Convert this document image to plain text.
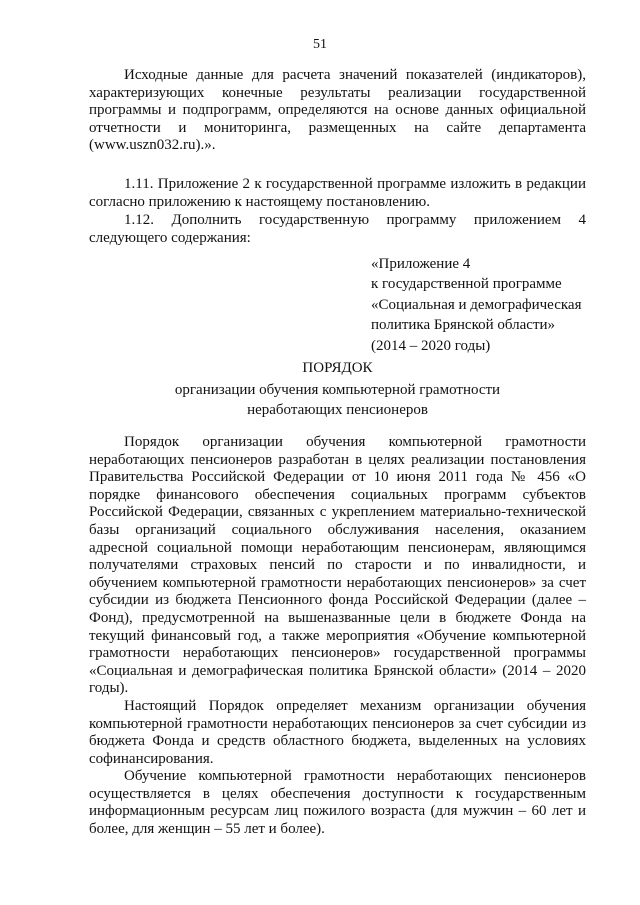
51

Исходные данные для расчета значений показателей (индикаторов), характеризующих конечные результаты реализации государственной программы и подпрограмм, определяются на основе данных официальной отчетности и мониторинга, размещенных на сайте департамента (www.uszn032.ru).».

1.11. Приложение 2 к государственной программе изложить в редакции согласно приложению к настоящему постановлению.

1.12. Дополнить государственную программу приложением 4 следующего содержания:

«Приложение 4
к государственной программе
«Социальная и демографическая
политика Брянской области»
(2014 – 2020 годы)
ПОРЯДОК
организации обучения компьютерной грамотности
неработающих пенсионеров

Порядок организации обучения компьютерной грамотности неработающих пенсионеров разработан в целях реализации постановления Правительства Российской Федерации от 10 июня 2011 года № 456 «О порядке финансового обеспечения социальных программ субъектов Российской Федерации, связанных с укреплением материально-технической базы организаций социального обслуживания населения, оказанием адресной социальной помощи неработающим пенсионерам, являющимся получателями страховых пенсий по старости и по инвалидности, и обучением компьютерной грамотности неработающих пенсионеров» за счет субсидии из бюджета Пенсионного фонда Российской Федерации (далее – Фонд), предусмотренной на вышеназванные цели в бюджете Фонда на текущий финансовый год, а также мероприятия «Обучение компьютерной грамотности неработающих пенсионеров» государственной программы «Социальная и демографическая политика Брянской области» (2014 – 2020 годы).

Настоящий Порядок определяет механизм организации обучения компьютерной грамотности неработающих пенсионеров за счет субсидии из бюджета Фонда и средств областного бюджета, выделенных на условиях софинансирования.

Обучение компьютерной грамотности неработающих пенсионеров осуществляется в целях обеспечения доступности к государственным информационным ресурсам лиц пожилого возраста (для мужчин – 60 лет и более, для женщин – 55 лет и более).
